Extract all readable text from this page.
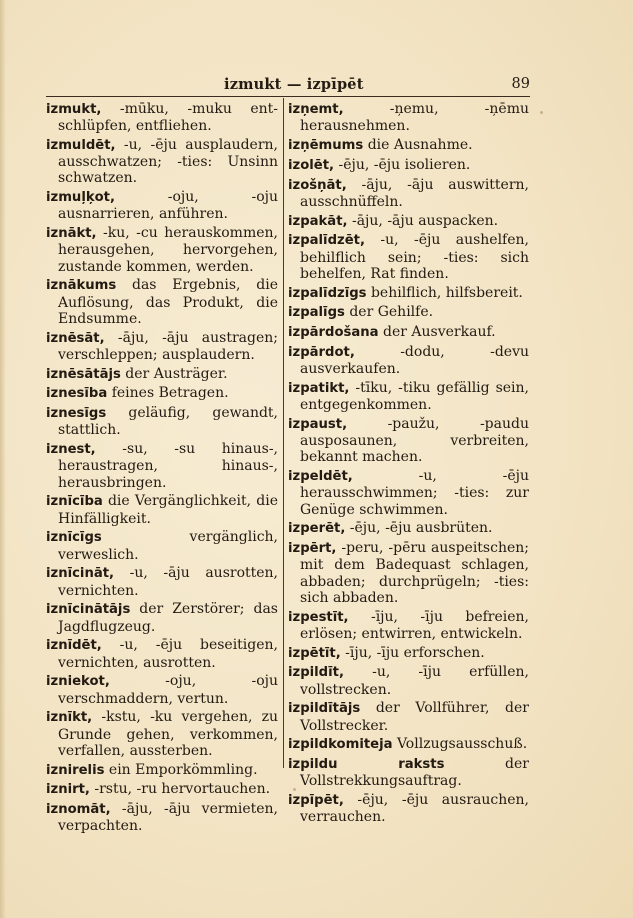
izmukt — izpīpēt	89

izmukt, -mūku, -muku ent-schlüpfen, entfliehen.

izmuldēt, -u, -ēju ausplaudern, ausschwatzen; -ties: Unsinn schwatzen.

izmuļķot, -oju, -oju ausnarrieren, anführen.

iznākt, -ku, -cu herauskommen, herausgehen, hervorgehen, zustande kommen, werden.

iznākums das Ergebnis, die Auflösung, das Produkt, die Endsumme.

iznēsāt, -āju, -āju austragen; verschleppen; ausplaudern.

iznēsātājs der Austräger.

iznesība feines Betragen.

iznesīgs geläufig, gewandt, stattlich.

iznest, -su, -su hinaus-, heraustragen, hinaus-, herausbringen.

iznīcība die Vergänglichkeit, die Hinfälligkeit.

iznīcīgs vergänglich, verweslich.

iznīcināt, -u, -āju ausrotten, vernichten.

iznīcinātājs der Zerstörer; das Jagdflugzeug.

iznīdēt, -u, -ēju beseitigen, vernichten, ausrotten.

izniekot, -oju, -oju verschmaddern, vertun.

iznīkt, -kstu, -ku vergehen, zu Grunde gehen, verkommen, verfallen, aussterben.

iznirelis ein Emporkömmling.

iznirt, -rstu, -ru hervortauchen.

iznomāt, -āju, -āju vermieten, verpachten.

izņemt, -ņemu, -ņēmu herausnehmen.

izņēmums die Ausnahme.

izolēt, -ēju, -ēju isolieren.

izošņāt, -āju, -āju auswittern, ausschnüffeln.

izpakāt, -āju, -āju auspacken.

izpalīdzēt, -u, -ēju aushelfen, behilflich sein; -ties: sich behelfen, Rat finden.

izpalīdzīgs behilflich, hilfsbereit.

izpalīgs der Gehilfe.

izpārdošana der Ausverkauf.

izpārdot, -dodu, -devu ausverkaufen.

izpatikt, -tīku, -tiku gefällig sein, entgegenkommen.

izpaust, -paužu, -paudu ausposaunen, verbreiten, bekannt machen.

izpeldēt, -u, -ēju herausschwimmen; -ties: zur Genüge schwimmen.

izperēt, -ēju, -ēju ausbrüten.

izpērt, -peru, -pēru auspeitschen; mit dem Badequast schlagen, abbaden; durchprügeln; -ties: sich abbaden.

izpestīt, -īju, -īju befreien, erlösen; entwirren, entwickeln.

izpētīt, -īju, -īju erforschen.

izpildīt, -u, -īju erfüllen, vollstrecken.

izpildītājs der Vollführer, der Vollstrecker.

izpildkomiteja Vollzugsausschuß.

izpildu raksts der Vollstrekkungsauftrag.

izpīpēt, -ēju, -ēju ausrauchen, verrauchen.
